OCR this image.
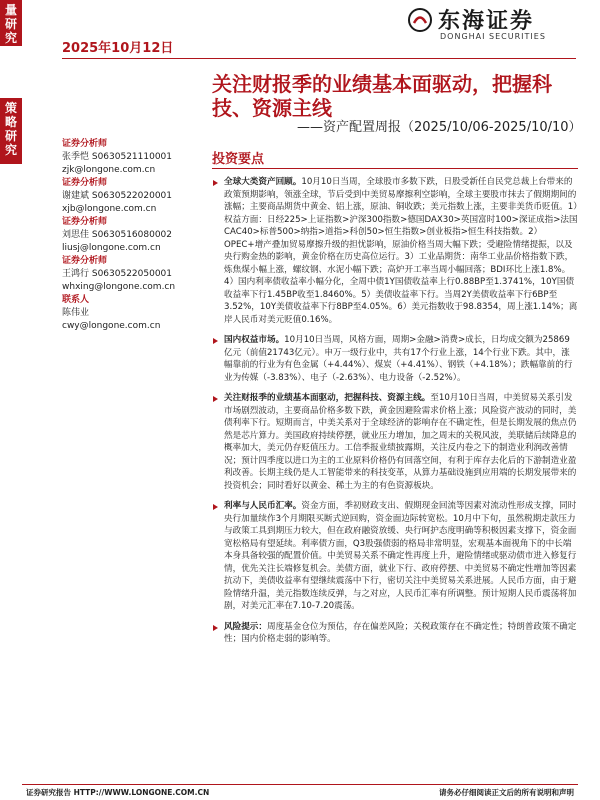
量研究
策略研究
2025年10月12日
东海证券
DONGHAI SECURITIES
关注财报季的业绩基本面驱动，把握科技、资源主线
——资产配置周报（2025/10/06-2025/10/10）
证券分析师
张季恺 S0630521110001
zjk@longone.com.cn
证券分析师
谢建斌 S0630522020001
xjb@longone.com.cn
证券分析师
刘思佳 S0630516080002
liusj@longone.com.cn
证券分析师
王鸿行 S0630522050001
whxing@longone.com.cn
联系人
陈伟业
cwy@longone.com.cn
投资要点
全球大类资产回顾。10月10日当周，全球股市多数下跌，日股受新任自民党总裁上台带来的政策预期影响，领涨全球，节后受到中美贸易摩擦利空影响，全球主要股市抹去了假期期间的涨幅；主要商品期货中黄金、铝上涨，原油、铜收跌；美元指数上涨，主要非美货币贬值。1）权益方面：日经225>上证指数>沪深300指数>德国DAX30>英国富时100>深证成指>法国CAC40>标普500>纳指>道指>科创50>恒生指数>创业板指>恒生科技指数。2）OPEC+增产叠加贸易摩擦升级的担忧影响，原油价格当周大幅下跌；受避险情绪提振，以及央行购金热的影响，黄金价格在历史高位运行。3）工业品期货：南华工业品价格指数下跌，炼焦煤小幅上涨，螺纹钢、水泥小幅下跌；高炉开工率当周小幅回落；BDI环比上涨1.8%。4）国内利率债收益率小幅分化，全周中债1Y国债收益率上行0.88BP至1.3741%，10Y国债收益率下行1.45BP收至1.8460%。5）美债收益率下行。当周2Y美债收益率下行6BP至3.52%，10Y美债收益率下行8BP至4.05%。6）美元指数收于98.8354，周上涨1.14%；离岸人民币对美元贬值0.16%。
国内权益市场。10月10日当周，风格方面，周期>金融>消费>成长，日均成交额为25869亿元（前值21743亿元）。申万一级行业中，共有17个行业上涨，14个行业下跌。其中，涨幅靠前的行业为有色金属（+4.44%）、煤炭（+4.41%）、钢铁（+4.18%）；跌幅靠前的行业为传媒（-3.83%）、电子（-2.63%）、电力设备（-2.52%）。
关注财报季的业绩基本面驱动，把握科技、资源主线。至10月10日当周，中美贸易关系引发市场剧烈波动，主要商品价格多数下跌，黄金因避险需求价格上涨；风险资产波动的同时，美债利率下行。短期而言，中美关系对于全球经济的影响存在不确定性，但是长期发展的焦点仍然是芯片算力。美国政府持续停摆，就业压力增加，加之周末的关税风波，美联储后续降息的概率加大，美元仍存贬值压力。工信季报业绩披露期，关注反内卷之下的制造业利润改善情况；预计四季度以进口为主的工业原料价格仍有回落空间，有利于库存去化后的下游制造业盈利改善。长期主线仍是人工智能带来的科技变革，从算力基础设施到应用端的长期发展带来的投资机会；同时看好以黄金、稀土为主的有色资源板块。
利率与人民币汇率。资金方面，季初财政支出、假期现金回流等因素对流动性形成支撑，同时央行加量续作3个月期限买断式逆回购，资金面边际转宽松。10月中下旬，虽然税期走款压力与政策工具到期压力较大，但在政府融资放缓、央行呵护态度明确等积极因素支撑下，资金面宽松格局有望延续。利率债方面，Q3股强债弱的格局非常明显，宏观基本面视角下的中长端本身具备较强的配置价值。中美贸易关系不确定性再度上升，避险情绪或驱动债市进入修复行情，优先关注长端修复机会。美债方面，就业下行、政府停摆、中美贸易不确定性增加等因素抗动下，美债收益率有望继续震荡中下行，密切关注中美贸易关系进展。人民币方面，由于避险情绪升温，美元指数连续反弹，与之对应，人民币汇率有所调整。预计短期人民币震荡将加剧，对美元汇率在7.10-7.20震荡。
风险提示：周度基金仓位为预估，存在偏差风险；关税政策存在不确定性；特朗普政策不确定性；国内价格走弱的影响等。
证券研究报告 HTTP://WWW.LONGONE.COM.CN	请务必仔细阅读正文后的所有说明和声明
